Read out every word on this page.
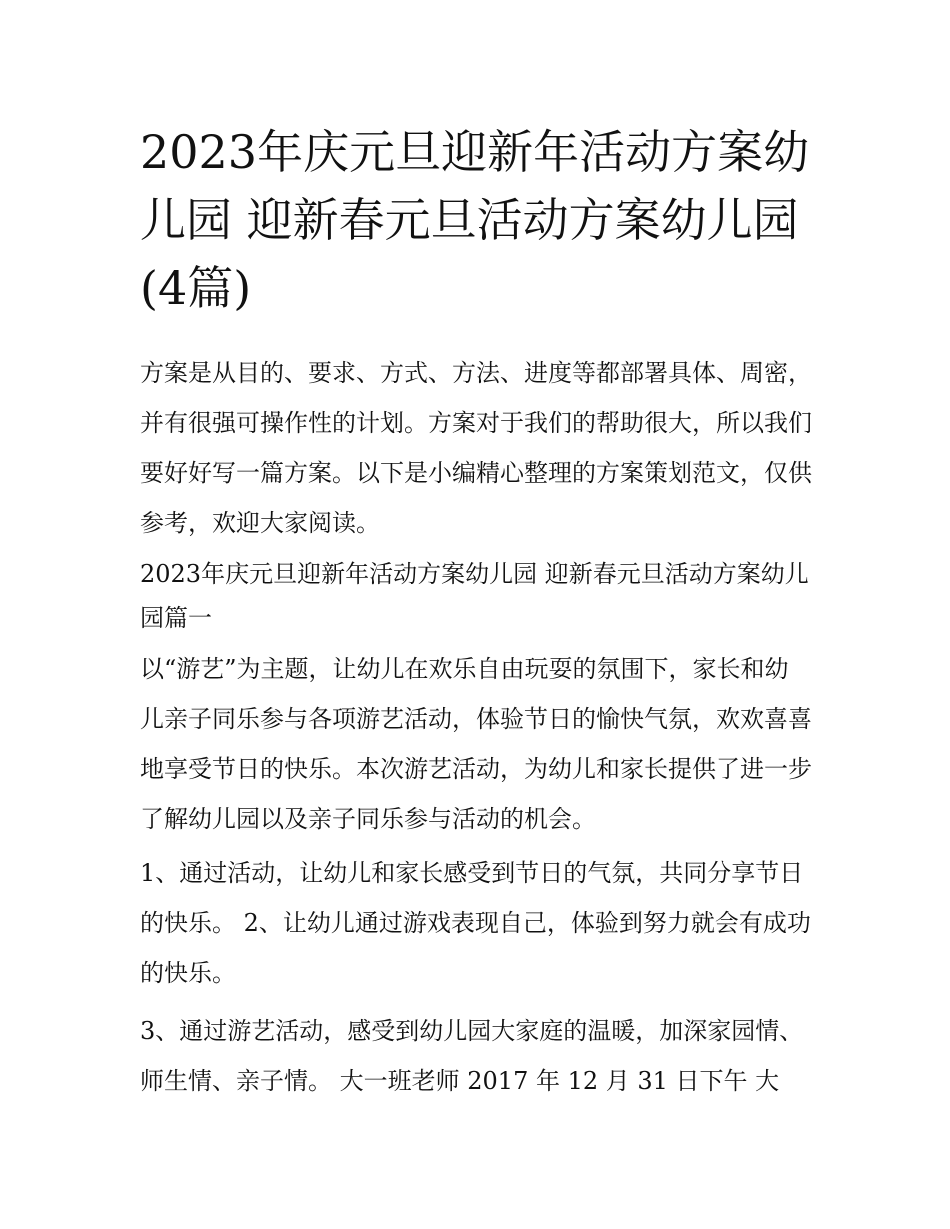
2023年庆元旦迎新年活动方案幼儿园 迎新春元旦活动方案幼儿园(4篇)

方案是从目的、要求、方式、方法、进度等都部署具体、周密，并有很强可操作性的计划。方案对于我们的帮助很大，所以我们要好好写一篇方案。以下是小编精心整理的方案策划范文，仅供参考，欢迎大家阅读。

2023年庆元旦迎新年活动方案幼儿园 迎新春元旦活动方案幼儿园篇一

以“游艺”为主题，让幼儿在欢乐自由玩耍的氛围下，家长和幼儿亲子同乐参与各项游艺活动，体验节日的愉快气氛，欢欢喜喜地享受节日的快乐。本次游艺活动，为幼儿和家长提供了进一步了解幼儿园以及亲子同乐参与活动的机会。

1、通过活动，让幼儿和家长感受到节日的气氛，共同分享节日的快乐。 2、让幼儿通过游戏表现自己，体验到努力就会有成功的快乐。

3、通过游艺活动，感受到幼儿园大家庭的温暖，加深家园情、师生情、亲子情。 大一班老师 2017 年 12 月 31 日下午 大
